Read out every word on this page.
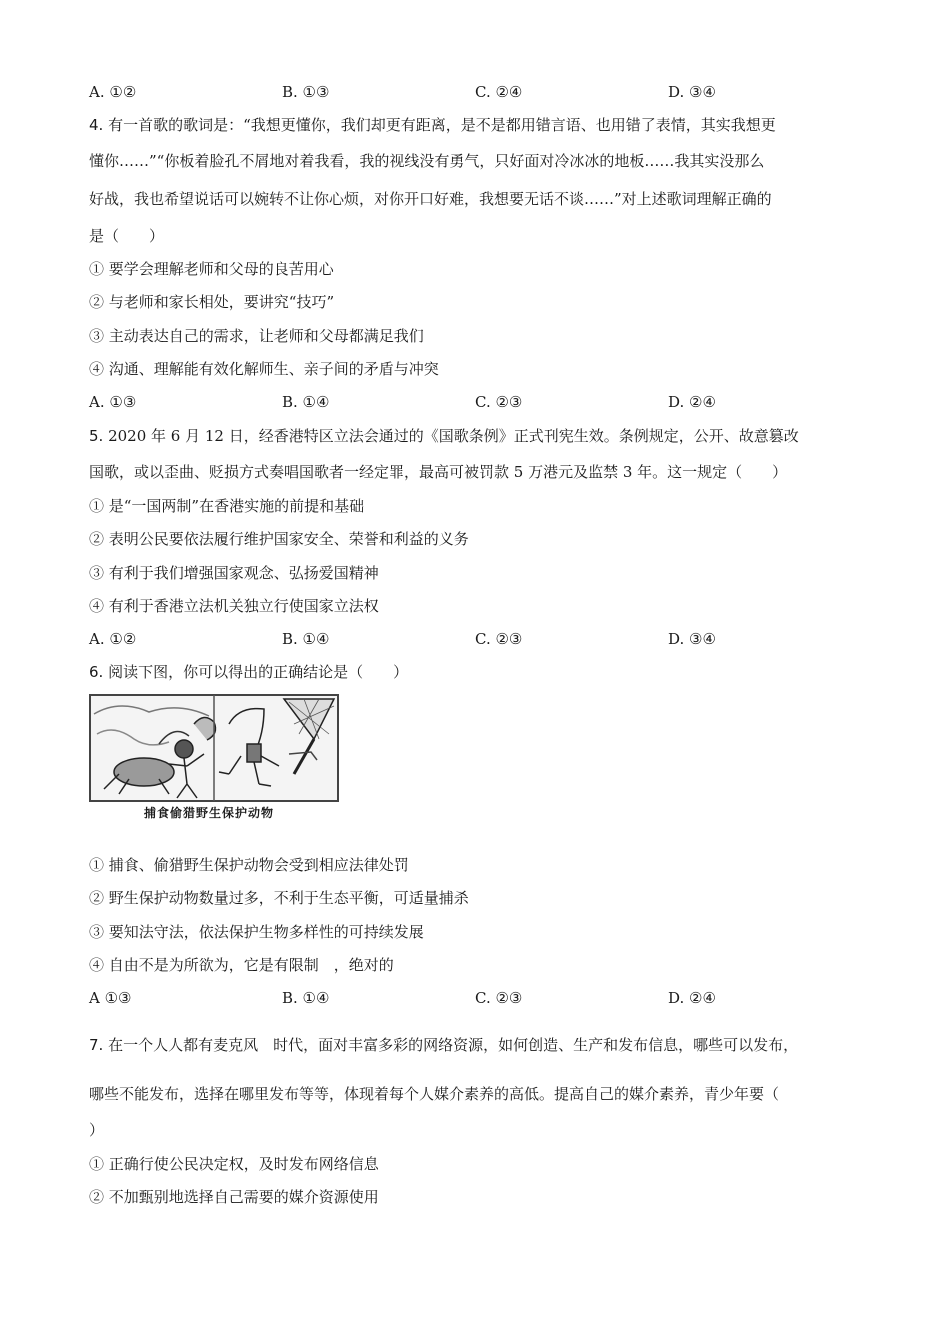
A. ①②	B. ①③	C. ②④	D. ③④
4. 有一首歌的歌词是：“我想更懂你，我们却更有距离，是不是都用错言语、也用错了表情，其实我想更
懂你……”“你板着脸孔不屑地对着我看，我的视线没有勇气，只好面对冷冰冰的地板……我其实没那么
好战，我也希望说话可以婉转不让你心烦，对你开口好难，我想要无话不谈……”对上述歌词理解正确的
是（　　）
① 要学会理解老师和父母的良苦用心
② 与老师和家长相处，要讲究“技巧”
③ 主动表达自己的需求，让老师和父母都满足我们
④ 沟通、理解能有效化解师生、亲子间的矛盾与冲突
A. ①③	B. ①④	C. ②③	D. ②④
5. 2020 年 6 月 12 日，经香港特区立法会通过的《国歌条例》正式刊宪生效。条例规定，公开、故意篡改
国歌，或以歪曲、贬损方式奏唱国歌者一经定罪，最高可被罚款 5 万港元及监禁 3 年。这一规定（　　）
① 是“一国两制”在香港实施的前提和基础
② 表明公民要依法履行维护国家安全、荣誉和利益的义务
③ 有利于我们增强国家观念、弘扬爱国精神
④ 有利于香港立法机关独立行使国家立法权
A. ①②	B. ①④	C. ②③	D. ③④
6. 阅读下图，你可以得出的正确结论是（　　）
捕食偷猎野生保护动物
① 捕食、偷猎野生保护动物会受到相应法律处罚
② 野生保护动物数量过多，不利于生态平衡，可适量捕杀
③ 要知法守法，依法保护生物多样性的可持续发展
④ 自由不是为所欲为，它是有限制　，绝对的
A ①③	B. ①④	C. ②③	D. ②④
7. 在一个人人都有麦克风　时代，面对丰富多彩的网络资源，如何创造、生产和发布信息，哪些可以发布，
哪些不能发布，选择在哪里发布等等，体现着每个人媒介素养的高低。提高自己的媒介素养，青少年要（
）
① 正确行使公民决定权，及时发布网络信息
② 不加甄别地选择自己需要的媒介资源使用
